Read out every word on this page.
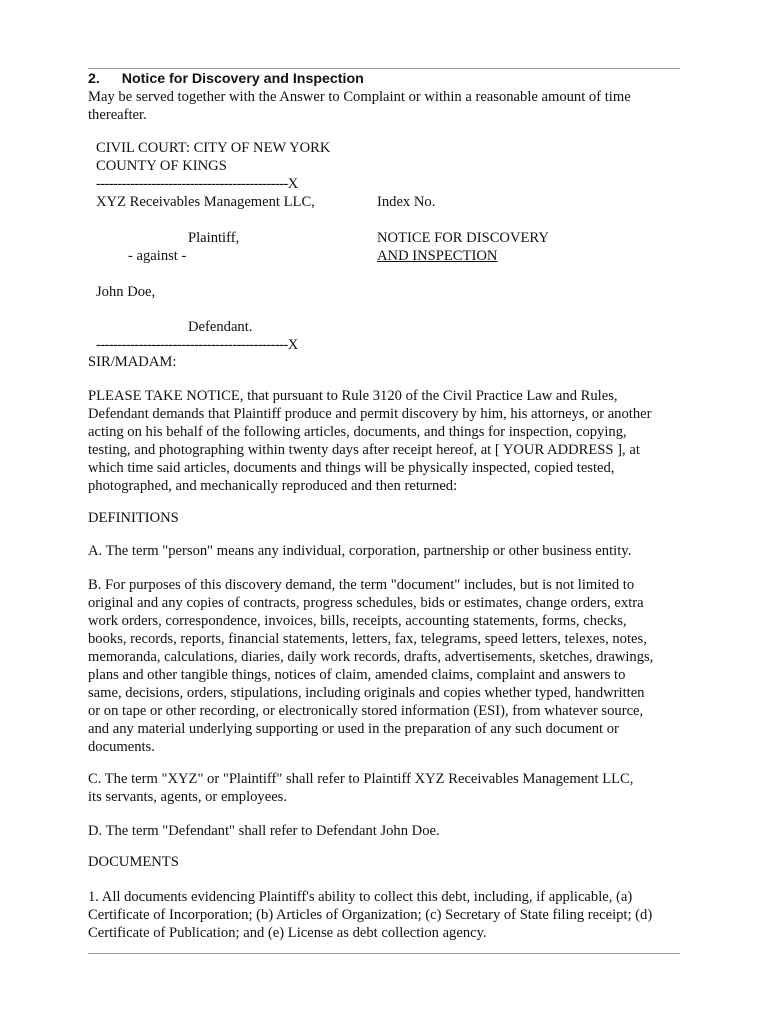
2. Notice for Discovery and Inspection
May be served together with the Answer to Complaint or within a reasonable amount of time
thereafter.
CIVIL COURT: CITY OF NEW YORK
COUNTY OF KINGS
---------------------------------------------X
XYZ Receivables Management LLC,	Index No.
Plaintiff,	NOTICE FOR DISCOVERY
- against -	AND INSPECTION
John Doe,
Defendant.
---------------------------------------------X
SIR/MADAM:
PLEASE TAKE NOTICE, that pursuant to Rule 3120 of the Civil Practice Law and Rules,
Defendant demands that Plaintiff produce and permit discovery by him, his attorneys, or another
acting on his behalf of the following articles, documents, and things for inspection, copying,
testing, and photographing within twenty days after receipt hereof, at [ YOUR ADDRESS ], at
which time said articles, documents and things will be physically inspected, copied tested,
photographed, and mechanically reproduced and then returned:
DEFINITIONS
A. The term "person" means any individual, corporation, partnership or other business entity.
B. For purposes of this discovery demand, the term "document" includes, but is not limited to
original and any copies of contracts, progress schedules, bids or estimates, change orders, extra
work orders, correspondence, invoices, bills, receipts, accounting statements, forms, checks,
books, records, reports, financial statements, letters, fax, telegrams, speed letters, telexes, notes,
memoranda, calculations, diaries, daily work records, drafts, advertisements, sketches, drawings,
plans and other tangible things, notices of claim, amended claims, complaint and answers to
same, decisions, orders, stipulations, including originals and copies whether typed, handwritten
or on tape or other recording, or electronically stored information (ESI), from whatever source,
and any material underlying supporting or used in the preparation of any such document or
documents.
C. The term "XYZ" or "Plaintiff" shall refer to Plaintiff XYZ Receivables Management LLC,
its servants, agents, or employees.
D. The term "Defendant" shall refer to Defendant John Doe.
DOCUMENTS
1. All documents evidencing Plaintiff's ability to collect this debt, including, if applicable, (a)
Certificate of Incorporation; (b) Articles of Organization; (c) Secretary of State filing receipt; (d)
Certificate of Publication; and (e) License as debt collection agency.
